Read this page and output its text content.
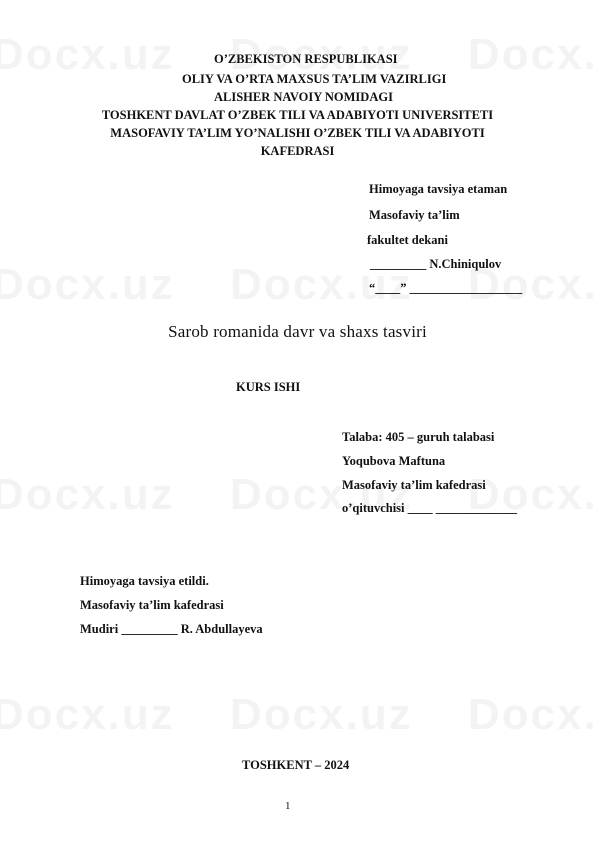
O’ZBEKISTON RESPUBLIKASI
OLIY VA O’RTA MAXSUS TA’LIM VAZIRLIGI
ALISHER NAVOIY NOMIDAGI
TOSHKENT DAVLAT O’ZBEK TILI VA ADABIYOTI UNIVERSITETI
MASOFAVIY TA’LIM YO’NALISHI O’ZBEK TILI VA ADABIYOTI
KAFEDRASI
Himoyaga tavsiya etaman
Masofaviy ta’lim
fakultet dekani
_________ N.Chiniqulov
“____” __________________
Sarob romanida davr va shaxs tasviri
KURS ISHI
Talaba: 405 – guruh talabasi
Yoqubova Maftuna
Masofaviy ta’lim kafedrasi
o’qituvchisi ____ _____________
Himoyaga tavsiya etildi.
Masofaviy ta’lim kafedrasi
Mudiri _________ R. Abdullayeva
TOSHKENT – 2024
1
